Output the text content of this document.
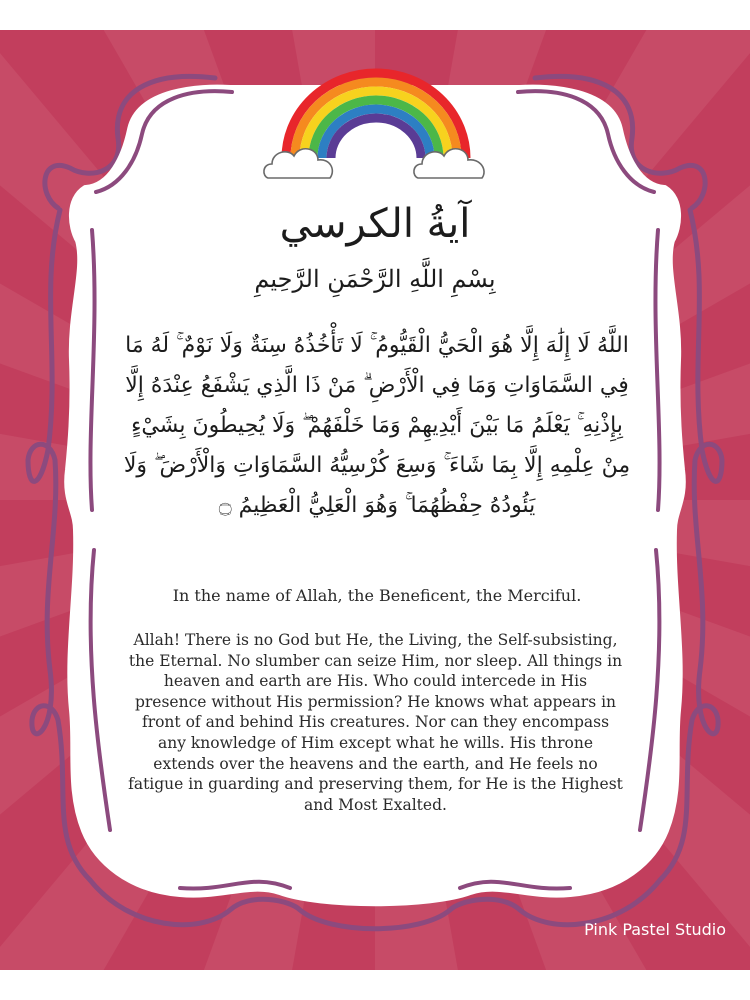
آيةُ الكرسي
بِسْمِ اللَّهِ الرَّحْمَنِ الرَّحِيمِ
اللَّهُ لَا إِلَٰهَ إِلَّا هُوَ الْحَيُّ الْقَيُّومُ ۚ لَا تَأْخُذُهُ سِنَةٌ وَلَا نَوْمٌ ۚ لَهُ مَا فِي السَّمَاوَاتِ وَمَا فِي الْأَرْضِ ۗ مَنْ ذَا الَّذِي يَشْفَعُ عِنْدَهُ إِلَّا بِإِذْنِهِ ۚ يَعْلَمُ مَا بَيْنَ أَيْدِيهِمْ وَمَا خَلْفَهُمْ ۖ وَلَا يُحِيطُونَ بِشَيْءٍ مِنْ عِلْمِهِ إِلَّا بِمَا شَاءَ ۚ وَسِعَ كُرْسِيُّهُ السَّمَاوَاتِ وَالْأَرْضَ ۖ وَلَا يَئُودُهُ حِفْظُهُمَا ۚ وَهُوَ الْعَلِيُّ الْعَظِيمُ ۝
In the name of Allah, the Beneficent, the Merciful.
Allah! There is no God but He, the Living, the Self-subsisting, the Eternal. No slumber can seize Him, nor sleep. All things in heaven and earth are His. Who could intercede in His presence without His permission? He knows what appears in front of and behind His creatures. Nor can they encompass any knowledge of Him except what he wills. His throne extends over the heavens and the earth, and He feels no fatigue in guarding and preserving them, for He is the Highest and Most Exalted.
Pink Pastel Studio
